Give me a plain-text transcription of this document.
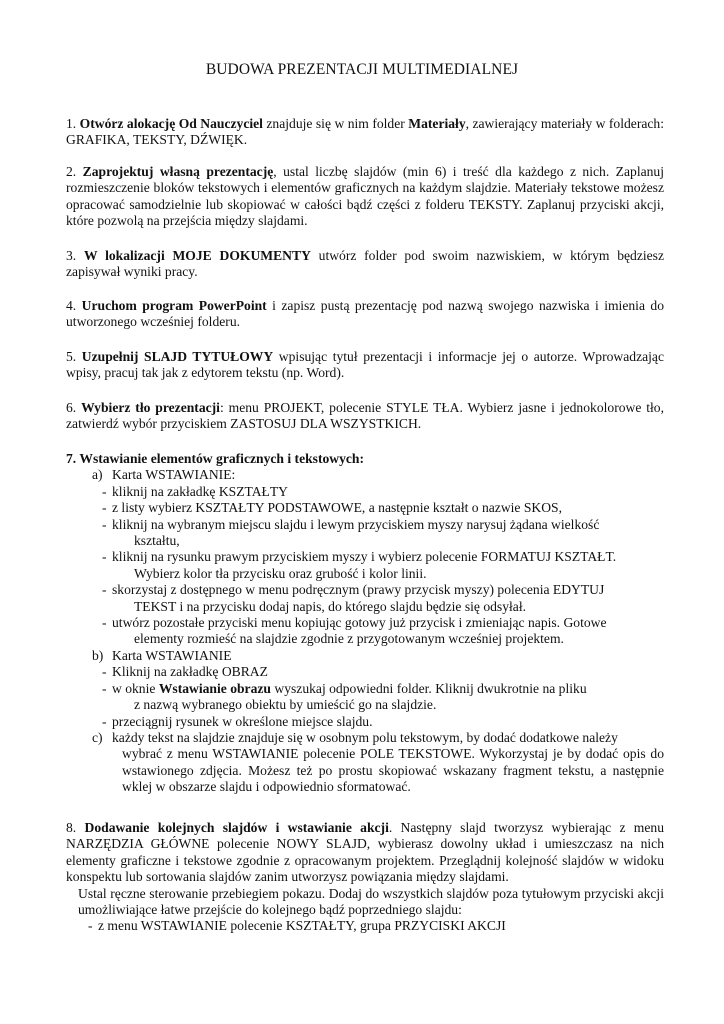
BUDOWA PREZENTACJI MULTIMEDIALNEJ

1. Otwórz alokację Od Nauczyciel znajduje się w nim folder Materiały, zawierający materiały w folderach: GRAFIKA, TEKSTY, DŹWIĘK.

2. Zaprojektuj własną prezentację, ustal liczbę slajdów (min 6) i treść dla każdego z nich. Zaplanuj rozmieszczenie bloków tekstowych i elementów graficznych na każdym slajdzie. Materiały tekstowe możesz opracować samodzielnie lub skopiować w całości bądź części z folderu TEKSTY. Zaplanuj przyciski akcji, które pozwolą na przejścia między slajdami.

3. W lokalizacji MOJE DOKUMENTY utwórz folder pod swoim nazwiskiem, w którym będziesz zapisywał wyniki pracy.

4. Uruchom program PowerPoint i zapisz pustą prezentację pod nazwą swojego nazwiska i imienia do utworzonego wcześniej folderu.

5. Uzupełnij SLAJD TYTUŁOWY wpisując tytuł prezentacji i informacje jej o autorze. Wprowadzając wpisy, pracuj tak jak z edytorem tekstu (np. Word).

6. Wybierz tło prezentacji: menu PROJEKT, polecenie STYLE TŁA. Wybierz jasne i jednokolorowe tło, zatwierdź wybór przyciskiem ZASTOSUJ DLA WSZYSTKICH.

7. Wstawianie elementów graficznych i tekstowych:

a) Karta WSTAWIANIE:
- kliknij na zakładkę KSZTAŁTY
- z listy wybierz KSZTAŁTY PODSTAWOWE, a następnie kształt o nazwie SKOS,
- kliknij na wybranym miejscu slajdu i lewym przyciskiem myszy narysuj żądana wielkość
kształtu,
- kliknij na rysunku prawym przyciskiem myszy i wybierz polecenie FORMATUJ KSZTAŁT.
Wybierz kolor tła przycisku oraz grubość i kolor linii.
- skorzystaj z dostępnego w menu podręcznym (prawy przycisk myszy) polecenia EDYTUJ
TEKST i na przycisku dodaj napis, do którego slajdu będzie się odsyłał.
- utwórz pozostałe przyciski menu kopiując gotowy już przycisk i zmieniając napis. Gotowe
elementy rozmieść na slajdzie zgodnie z przygotowanym wcześniej projektem.
b) Karta WSTAWIANIE
- Kliknij na zakładkę OBRAZ
- w oknie Wstawianie obrazu wyszukaj odpowiedni folder. Kliknij dwukrotnie na pliku
z nazwą wybranego obiektu by umieścić go na slajdzie.
- przeciągnij rysunek w określone miejsce slajdu.
c) każdy tekst na slajdzie znajduje się w osobnym polu tekstowym, by dodać dodatkowe należy
wybrać z menu WSTAWIANIE polecenie POLE TEKSTOWE. Wykorzystaj je by dodać opis do wstawionego zdjęcia. Możesz też po prostu skopiować wskazany fragment tekstu, a następnie wklej w obszarze slajdu i odpowiednio sformatować.

8. Dodawanie kolejnych slajdów i wstawianie akcji. Następny slajd tworzysz wybierając z menu NARZĘDZIA GŁÓWNE polecenie NOWY SLAJD, wybierasz dowolny układ i umieszczasz na nich elementy graficzne i tekstowe zgodnie z opracowanym projektem. Przeglądnij kolejność slajdów w widoku konspektu lub sortowania slajdów zanim utworzysz powiązania między slajdami.

Ustal ręczne sterowanie przebiegiem pokazu. Dodaj do wszystkich slajdów poza tytułowym przyciski akcji umożliwiające łatwe przejście do kolejnego bądź poprzedniego slajdu:

- z menu WSTAWIANIE polecenie KSZTAŁTY, grupa PRZYCISKI AKCJI
